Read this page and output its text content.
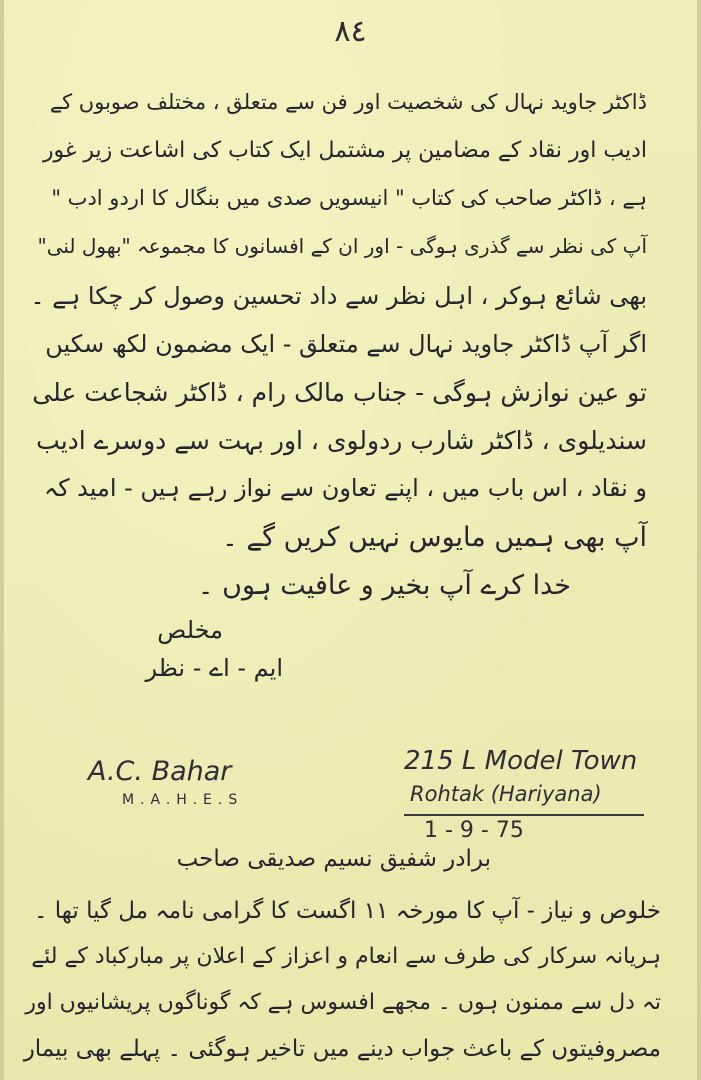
٨٤
ڈاکٹر جاوید نہال کی شخصیت اور فن سے متعلق ، مختلف صوبوں کے
ادیب اور نقاد کے مضامین پر مشتمل ایک کتاب کی اشاعت زیر غور
ہے ، ڈاکٹر صاحب کی کتاب " انیسویں صدی میں بنگال کا اردو ادب "
آپ کی نظر سے گذری ہوگی - اور ان کے افسانوں کا مجموعہ "بھول لنی"
بھی شائع ہوکر ، اہل نظر سے داد تحسین وصول کر چکا ہے ۔
اگر آپ ڈاکٹر جاوید نہال سے متعلق - ایک مضمون لکھ سکیں
تو عین نوازش ہوگی - جناب مالک رام ، ڈاکٹر شجاعت علی
سندیلوی ، ڈاکٹر شارب ردولوی ، اور بہت سے دوسرے ادیب
و نقاد ، اس باب میں ، اپنے تعاون سے نواز رہے ہیں - امید کہ
آپ بھی ہمیں مایوس نہیں کریں گے ۔
خدا کرے آپ بخیر و عافیت ہوں ۔
مخلص
ایم - اے - نظر
A.C. Bahar
M.A.H.E.S
215 L Model Town
Rohtak (Hariyana)
1 - 9 - 75
برادر شفیق نسیم صدیقی صاحب
خلوص و نیاز - آپ کا مورخہ ۱۱ اگست کا گرامی نامہ مل گیا تھا ۔
ہریانہ سرکار کی طرف سے انعام و اعزاز کے اعلان پر مبارکباد کے لئے
تہ دل سے ممنون ہوں ۔ مجھے افسوس ہے کہ گوناگوں پریشانیوں اور
مصروفیتوں کے باعث جواب دینے میں تاخیر ہوگئی ۔ پہلے بھی بیمار
